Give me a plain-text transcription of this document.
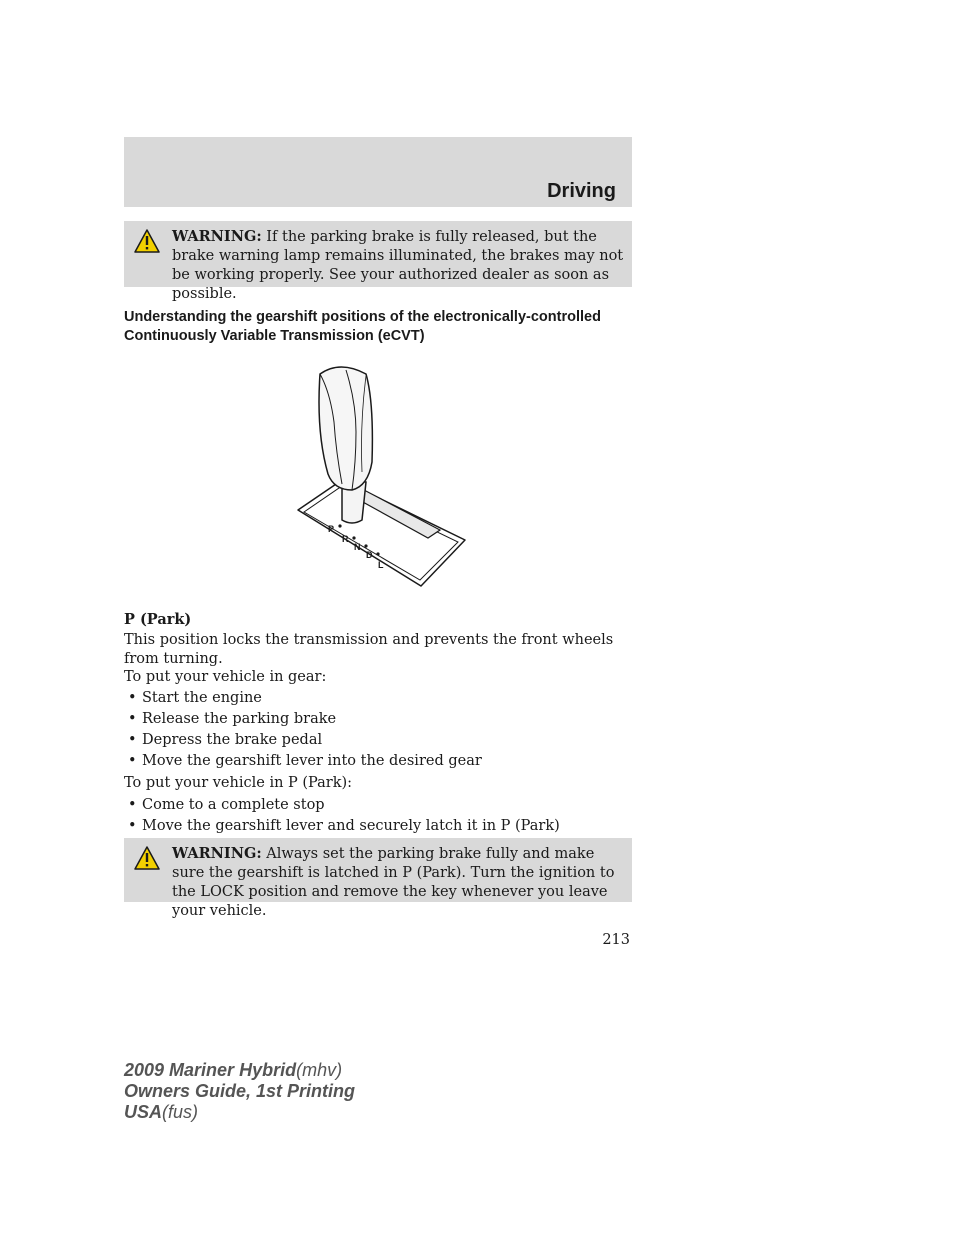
Driving
WARNING: If the parking brake is fully released, but the brake warning lamp remains illuminated, the brakes may not be working properly. See your authorized dealer as soon as possible.
Understanding the gearshift positions of the electronically-controlled Continuously Variable Transmission (eCVT)
P
R
N
D
L
P (Park)
This position locks the transmission and prevents the front wheels from turning.
To put your vehicle in gear:
• Start the engine
• Release the parking brake
• Depress the brake pedal
• Move the gearshift lever into the desired gear
To put your vehicle in P (Park):
• Come to a complete stop
• Move the gearshift lever and securely latch it in P (Park)
WARNING: Always set the parking brake fully and make sure the gearshift is latched in P (Park). Turn the ignition to the LOCK position and remove the key whenever you leave your vehicle.
213
2009 Mariner Hybrid(mhv)
Owners Guide, 1st Printing
USA(fus)
